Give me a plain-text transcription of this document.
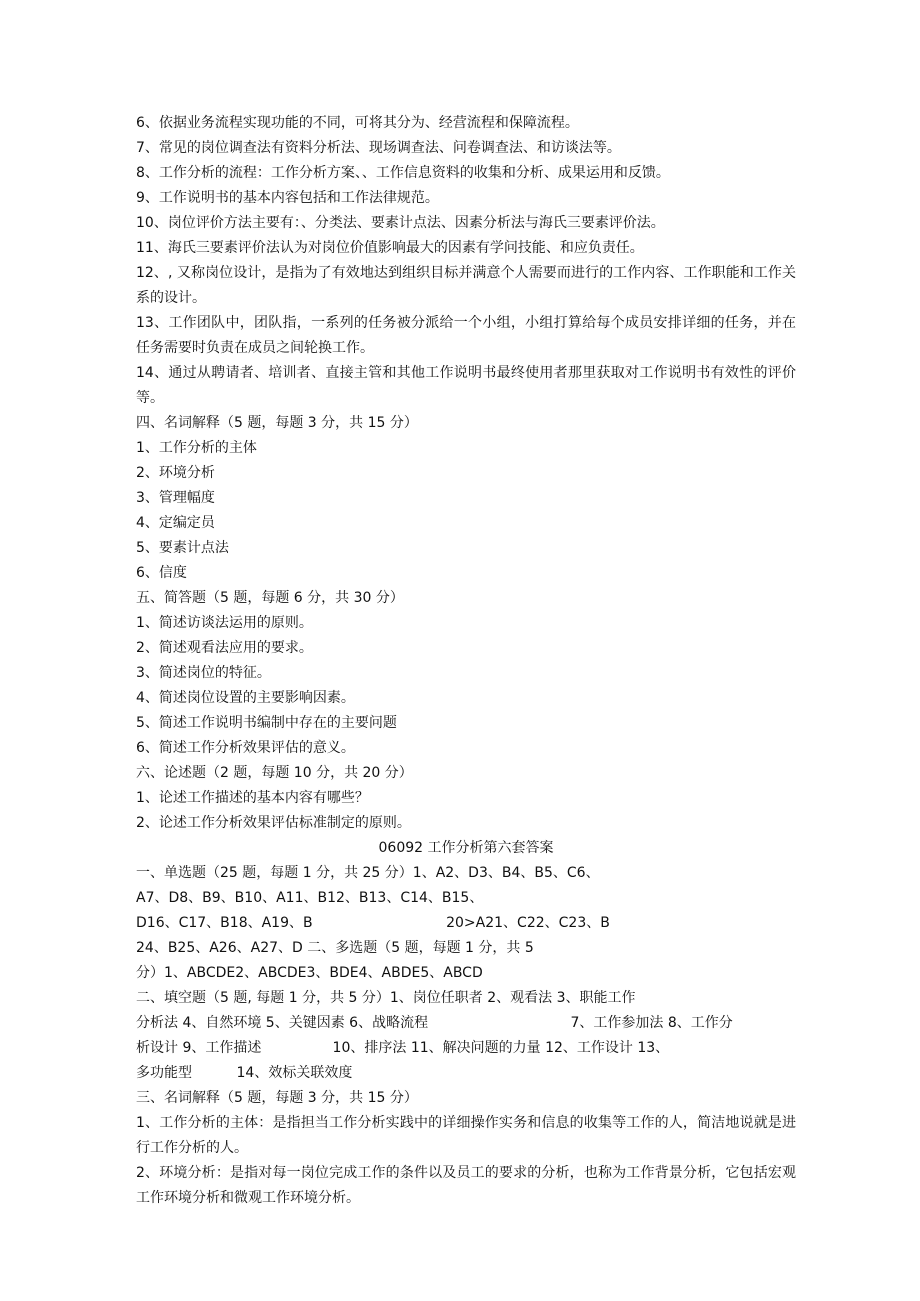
6、依据业务流程实现功能的不同，可将其分为、经营流程和保障流程。
7、常见的岗位调查法有资料分析法、现场调查法、问卷调查法、和访谈法等。
8、工作分析的流程：工作分析方案、、工作信息资料的收集和分析、成果运用和反馈。
9、工作说明书的基本内容包括和工作法律规范。
10、岗位评价方法主要有：、分类法、要素计点法、因素分析法与海氏三要素评价法。
11、海氏三要素评价法认为对岗位价值影响最大的因素有学问技能、和应负责任。
12、, 又称岗位设计，是指为了有效地达到组织目标并满意个人需要而进行的工作内容、工作职能和工作关系的设计。
13、工作团队中，团队指，一系列的任务被分派给一个小组，小组打算给每个成员安排详细的任务，并在任务需要时负责在成员之间轮换工作。
14、通过从聘请者、培训者、直接主管和其他工作说明书最终使用者那里获取对工作说明书有效性的评价等。
四、名词解释（5 题，每题 3 分，共 15 分）
1、工作分析的主体
2、环境分析
3、管理幅度
4、定编定员
5、要素计点法
6、信度
五、简答题（5 题，每题 6 分，共 30 分）
1、简述访谈法运用的原则。
2、简述观看法应用的要求。
3、简述岗位的特征。
4、简述岗位设置的主要影响因素。
5、简述工作说明书编制中存在的主要问题
6、简述工作分析效果评估的意义。
六、论述题（2 题，每题 10 分，共 20 分）
1、论述工作描述的基本内容有哪些？
2、论述工作分析效果评估标准制定的原则。
06092 工作分析第六套答案
一、单选题（25 题，每题 1 分，共 25 分）1、A2、D3、B4、B5、C6、
A7、D8、B9、B10、A11、B12、B13、C14、B15、
D16、C17、B18、A19、B                              20>A21、C22、C23、B
24、B25、A26、A27、D 二、多选题（5 题，每题 1 分，共 5
分）1、ABCDE2、ABCDE3、BDE4、ABDE5、ABCD
二、填空题（5 题, 每题 1 分，共 5 分）1、岗位任职者 2、观看法 3、职能工作
分析法 4、自然环境 5、关键因素 6、战略流程                                7、工作参加法 8、工作分
析设计 9、工作描述                10、排序法 11、解决问题的力量 12、工作设计 13、
多功能型          14、效标关联效度
三、名词解释（5 题，每题 3 分，共 15 分）
1、工作分析的主体：是指担当工作分析实践中的详细操作实务和信息的收集等工作的人，简洁地说就是进行工作分析的人。
2、环境分析：是指对每一岗位完成工作的条件以及员工的要求的分析，也称为工作背景分析，它包括宏观工作环境分析和微观工作环境分析。
